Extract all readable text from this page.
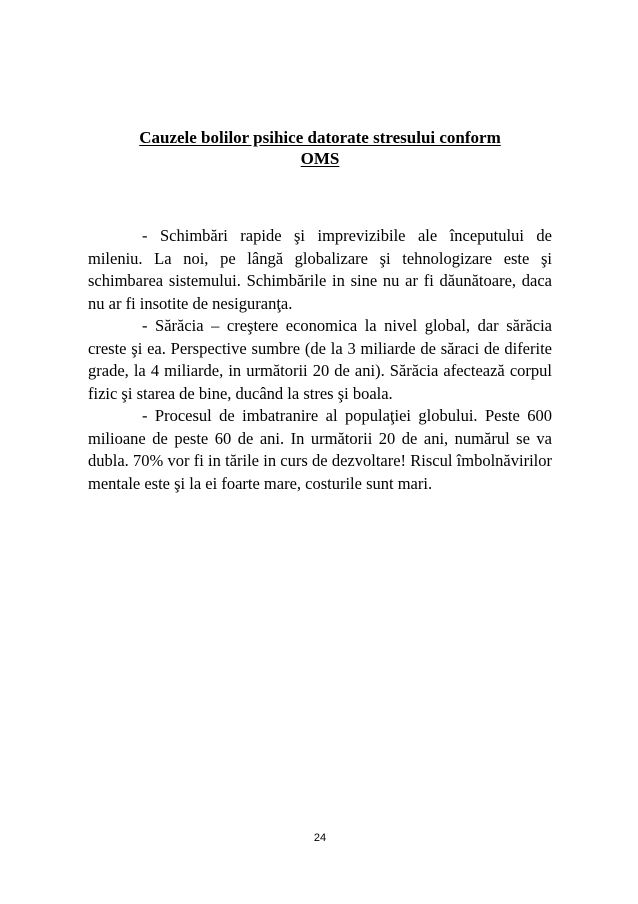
Cauzele bolilor psihice datorate stresului conform
OMS

- Schimbări rapide şi imprevizibile ale începutului de mileniu. La noi, pe lângă globalizare şi tehnologizare este şi schimbarea sistemului. Schimbările in sine nu ar fi dăunătoare, daca nu ar fi insotite de nesiguranţa.

- Sărăcia – creştere economica la nivel global, dar sărăcia creste şi ea. Perspective sumbre (de la 3 miliarde de săraci de diferite grade, la 4 miliarde, in următorii 20 de ani). Sărăcia afectează corpul fizic şi starea de bine, ducând la stres şi boala.

- Procesul de imbatranire al populaţiei globului. Peste 600 milioane de peste 60 de ani. In următorii 20 de ani, numărul se va dubla. 70% vor fi in tările in curs de dezvoltare! Riscul îmbolnăvirilor mentale este şi la ei foarte mare, costurile sunt mari.

24
